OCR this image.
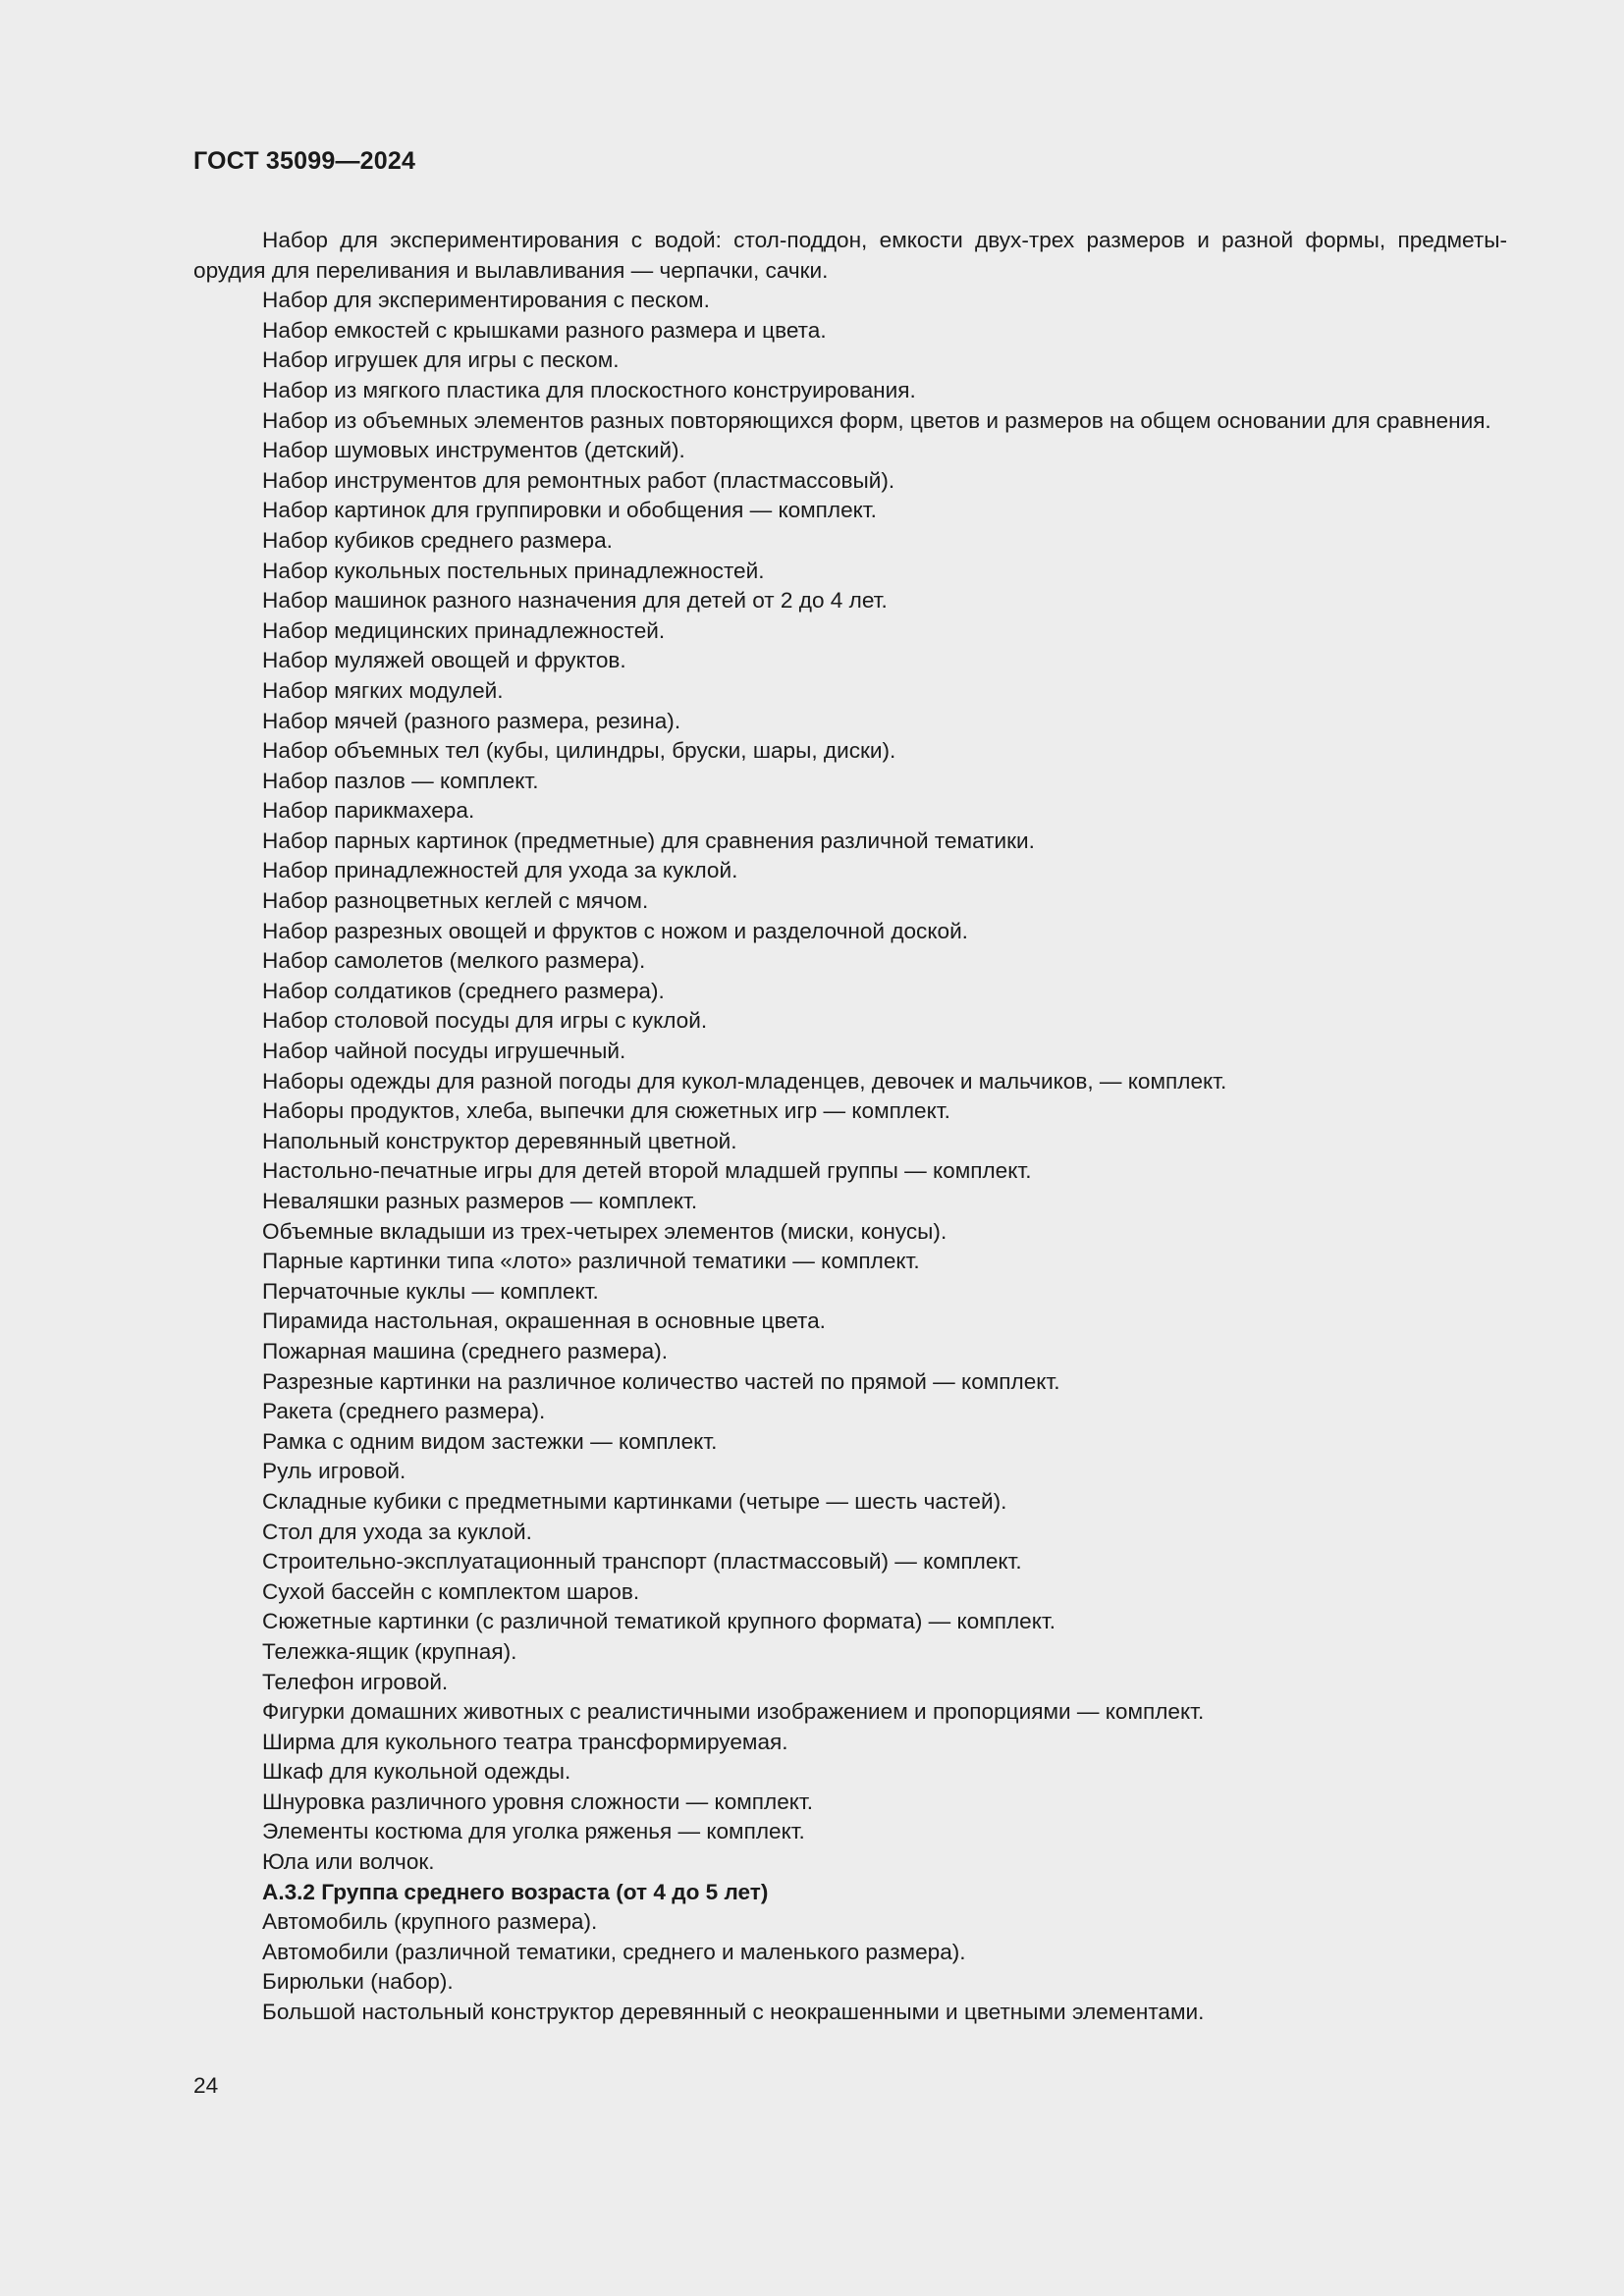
ГОСТ 35099—2024

Набор для экспериментирования с водой: стол-поддон, емкости двух-трех размеров и разной формы, предметы-орудия для переливания и вылавливания — черпачки, сачки.

Набор для экспериментирования с песком.

Набор емкостей с крышками разного размера и цвета.

Набор игрушек для игры с песком.

Набор из мягкого пластика для плоскостного конструирования.

Набор из объемных элементов разных повторяющихся форм, цветов и размеров на общем основании для сравнения.

Набор шумовых инструментов (детский).

Набор инструментов для ремонтных работ (пластмассовый).

Набор картинок для группировки и обобщения — комплект.

Набор кубиков среднего размера.

Набор кукольных постельных принадлежностей.

Набор машинок разного назначения для детей от 2 до 4 лет.

Набор медицинских принадлежностей.

Набор муляжей овощей и фруктов.

Набор мягких модулей.

Набор мячей (разного размера, резина).

Набор объемных тел (кубы, цилиндры, бруски, шары, диски).

Набор пазлов — комплект.

Набор парикмахера.

Набор парных картинок (предметные) для сравнения различной тематики.

Набор принадлежностей для ухода за куклой.

Набор разноцветных кеглей с мячом.

Набор разрезных овощей и фруктов с ножом и разделочной доской.

Набор самолетов (мелкого размера).

Набор солдатиков (среднего размера).

Набор столовой посуды для игры с куклой.

Набор чайной посуды игрушечный.

Наборы одежды для разной погоды для кукол-младенцев, девочек и мальчиков, — комплект.

Наборы продуктов, хлеба, выпечки для сюжетных игр — комплект.

Напольный конструктор деревянный цветной.

Настольно-печатные игры для детей второй младшей группы — комплект.

Неваляшки разных размеров — комплект.

Объемные вкладыши из трех-четырех элементов (миски, конусы).

Парные картинки типа «лото» различной тематики — комплект.

Перчаточные куклы — комплект.

Пирамида настольная, окрашенная в основные цвета.

Пожарная машина (среднего размера).

Разрезные картинки на различное количество частей по прямой — комплект.

Ракета (среднего размера).

Рамка с одним видом застежки — комплект.

Руль игровой.

Складные кубики с предметными картинками (четыре — шесть частей).

Стол для ухода за куклой.

Строительно-эксплуатационный транспорт (пластмассовый) — комплект.

Сухой бассейн с комплектом шаров.

Сюжетные картинки (с различной тематикой крупного формата) — комплект.

Тележка-ящик (крупная).

Телефон игровой.

Фигурки домашних животных с реалистичными изображением и пропорциями — комплект.

Ширма для кукольного театра трансформируемая.

Шкаф для кукольной одежды.

Шнуровка различного уровня сложности — комплект.

Элементы костюма для уголка ряженья — комплект.

Юла или волчок.

А.3.2 Группа среднего возраста (от 4 до 5 лет)

Автомобиль (крупного размера).

Автомобили (различной тематики, среднего и маленького размера).

Бирюльки (набор).

Большой настольный конструктор деревянный с неокрашенными и цветными элементами.

24
